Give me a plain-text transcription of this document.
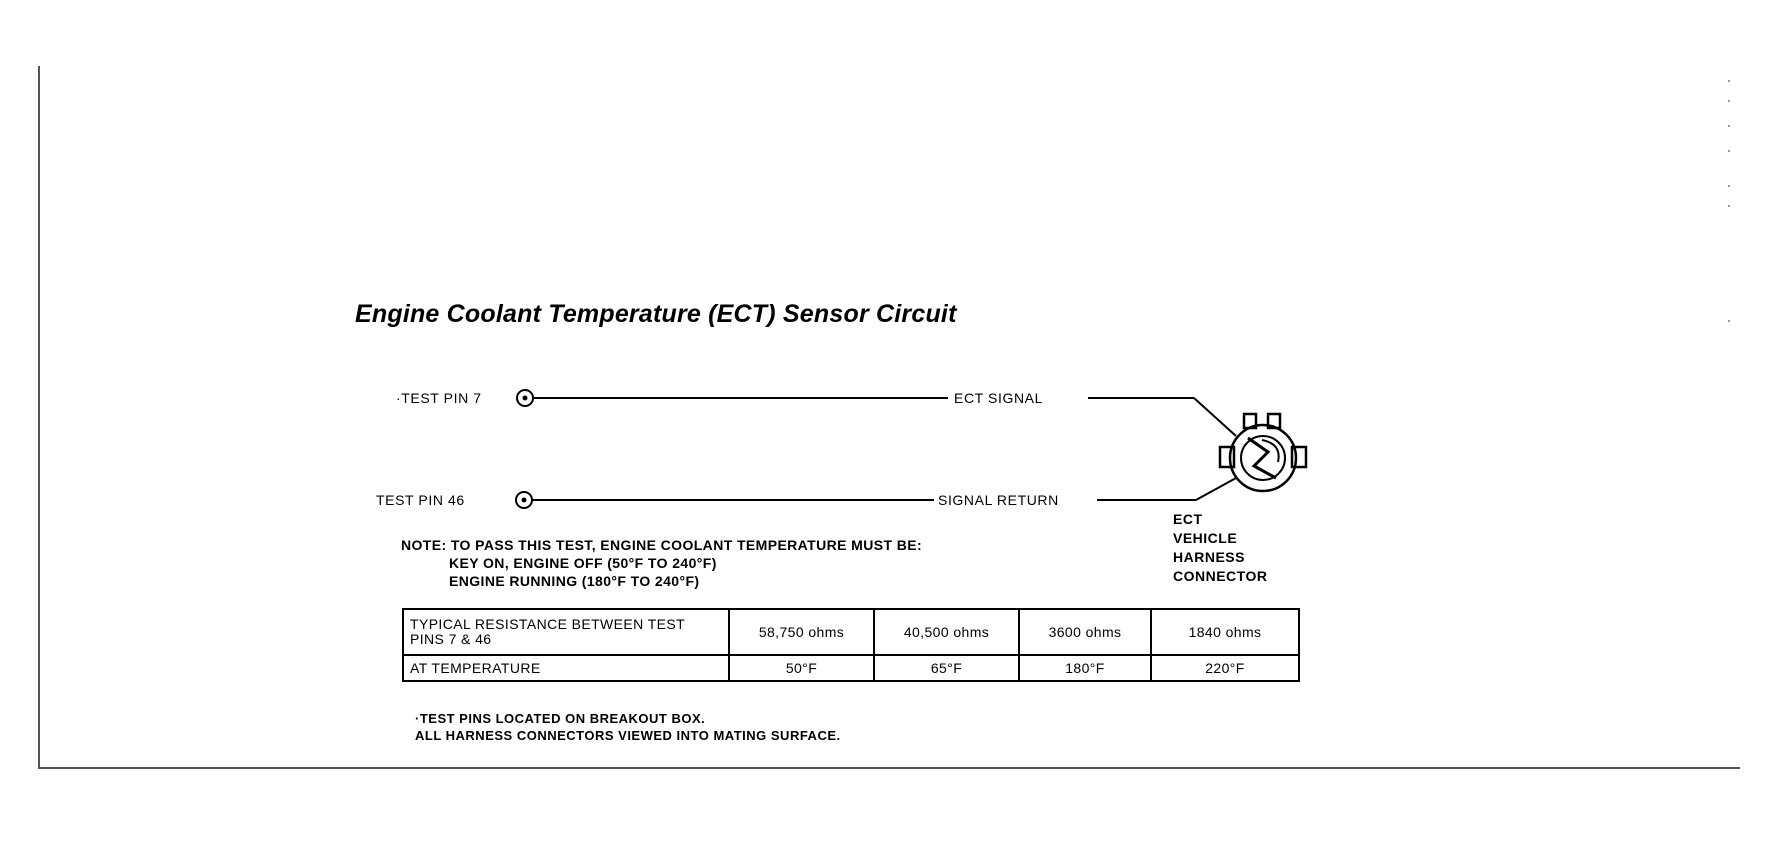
Engine Coolant Temperature (ECT) Sensor Circuit
·TEST PIN 7
TEST PIN 46
ECT SIGNAL
SIGNAL RETURN
ECT
VEHICLE
HARNESS
CONNECTOR
NOTE: TO PASS THIS TEST, ENGINE COOLANT TEMPERATURE MUST BE:
KEY ON, ENGINE OFF (50°F TO 240°F)
ENGINE RUNNING (180°F TO 240°F)
TYPICAL RESISTANCE BETWEEN TEST PINS 7 & 46	58,750 ohms	40,500 ohms	3600 ohms	1840 ohms
AT TEMPERATURE	50°F	65°F	180°F	220°F
·TEST PINS LOCATED ON BREAKOUT BOX.
ALL HARNESS CONNECTORS VIEWED INTO MATING SURFACE.
